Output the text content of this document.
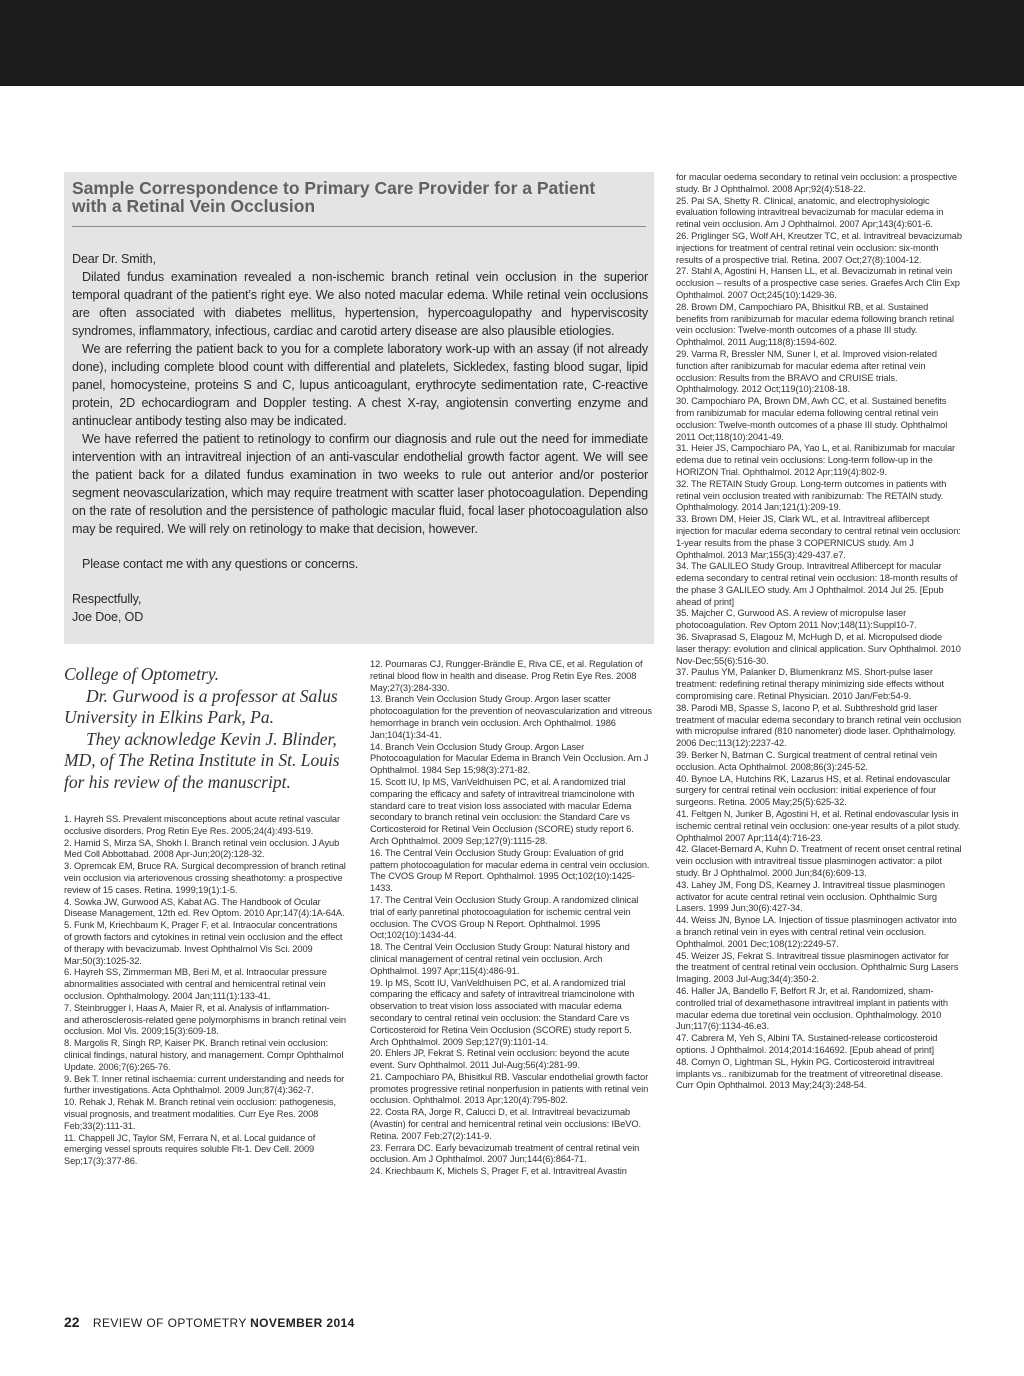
Sample Correspondence to Primary Care Provider for a Patient with a Retinal Vein Occlusion

Dear Dr. Smith,

Dilated fundus examination revealed a non-ischemic branch retinal vein occlusion in the superior temporal quadrant of the patient’s right eye. We also noted macular edema. While retinal vein occlusions are often associated with diabetes mellitus, hypertension, hypercoagulopathy and hyperviscosity syndromes, inflammatory, infectious, cardiac and carotid artery disease are also plausible etiologies.

We are referring the patient back to you for a complete laboratory work-up with an assay (if not already done), including complete blood count with differential and platelets, Sickledex, fasting blood sugar, lipid panel, homocysteine, proteins S and C, lupus anticoagulant, erythrocyte sedimentation rate, C-reactive protein, 2D echocardiogram and Doppler testing. A chest X-ray, angiotensin converting enzyme and antinuclear antibody testing also may be indicated.

We have referred the patient to retinology to confirm our diagnosis and rule out the need for immediate intervention with an intravitreal injection of an anti-vascular endothelial growth factor agent. We will see the patient back for a dilated fundus examination in two weeks to rule out anterior and/or posterior segment neovascularization, which may require treatment with scatter laser photocoagulation. Depending on the rate of resolution and the persistence of pathologic macular fluid, focal laser photocoagulation also may be required. We will rely on retinology to make that decision, however.

Please contact me with any questions or concerns.

Respectfully,

Joe Doe, OD

College of Optometry.

Dr. Gurwood is a professor at Salus University in Elkins Park, Pa.

They acknowledge Kevin J. Blinder, MD, of The Retina Institute in St. Louis for his review of the manuscript.

1. Hayreh SS. Prevalent misconceptions about acute retinal vascular occlusive disorders. Prog Retin Eye Res. 2005;24(4):493-519.

2. Hamid S, Mirza SA, Shokh I. Branch retinal vein occlusion. J Ayub Med Coll Abbottabad. 2008 Apr-Jun;20(2):128-32.

3. Opremcak EM, Bruce RA. Surgical decompression of branch retinal vein occlusion via arteriovenous crossing sheathotomy: a prospective review of 15 cases. Retina. 1999;19(1):1-5.

4. Sowka JW, Gurwood AS, Kabat AG. The Handbook of Ocular Disease Management, 12th ed. Rev Optom. 2010 Apr;147(4):1A-64A.

5. Funk M, Kriechbaum K, Prager F, et al. Intraocular concentrations of growth factors and cytokines in retinal vein occlusion and the effect of therapy with bevacizumab. Invest Ophthalmol Vis Sci. 2009 Mar;50(3):1025-32.

6. Hayreh SS, Zimmerman MB, Beri M, et al. Intraocular pressure abnormalities associated with central and hemicentral retinal vein occlusion. Ophthalmology. 2004 Jan;111(1):133-41.

7. Steinbrugger I, Haas A, Maier R, et al. Analysis of inflammation- and atherosclerosis-related gene polymorphisms in branch retinal vein occlusion. Mol Vis. 2009;15(3):609-18.

8. Margolis R, Singh RP, Kaiser PK. Branch retinal vein occlusion: clinical findings, natural history, and management. Compr Ophthalmol Update. 2006;7(6):265-76.

9. Bek T. Inner retinal ischaemia: current understanding and needs for further investigations. Acta Ophthalmol. 2009 Jun;87(4):362-7.

10. Rehak J, Rehak M. Branch retinal vein occlusion: pathogenesis, visual prognosis, and treatment modalities. Curr Eye Res. 2008 Feb;33(2):111-31.

11. Chappell JC, Taylor SM, Ferrara N, et al. Local guidance of emerging vessel sprouts requires soluble Flt-1. Dev Cell. 2009 Sep;17(3):377-86.

12. Pournaras CJ, Rungger-Brändle E, Riva CE, et al. Regulation of retinal blood flow in health and disease. Prog Retin Eye Res. 2008 May;27(3):284-330.

13. Branch Vein Occlusion Study Group. Argon laser scatter photocoagulation for the prevention of neovascularization and vitreous hemorrhage in branch vein occlusion. Arch Ophthalmol. 1986 Jan;104(1):34-41.

14. Branch Vein Occlusion Study Group. Argon Laser Photocoagulation for Macular Edema in Branch Vein Occlusion. Am J Ophthalmol. 1984 Sep 15;98(3):271-82.

15. Scott IU, Ip MS, VanVeldhuisen PC, et al. A randomized trial comparing the efficacy and safety of intravitreal triamcinolone with standard care to treat vision loss associated with macular Edema secondary to branch retinal vein occlusion: the Standard Care vs Corticosteroid for Retinal Vein Occlusion (SCORE) study report 6. Arch Ophthalmol. 2009 Sep;127(9):1115-28.

16. The Central Vein Occlusion Study Group: Evaluation of grid pattern photocoagulation for macular edema in central vein occlusion. The CVOS Group M Report. Ophthalmol. 1995 Oct;102(10):1425-1433.

17. The Central Vein Occlusion Study Group. A randomized clinical trial of early panretinal photocoagulation for ischemic central vein occlusion. The CVOS Group N Report. Ophthalmol. 1995 Oct;102(10):1434-44.

18. The Central Vein Occlusion Study Group: Natural history and clinical management of central retinal vein occlusion. Arch Ophthalmol. 1997 Apr;115(4):486-91.

19. Ip MS, Scott IU, VanVeldhuisen PC, et al. A randomized trial comparing the efficacy and safety of intravitreal triamcinolone with observation to treat vision loss associated with macular edema secondary to central retinal vein occlusion: the Standard Care vs Corticosteroid for Retina Vein Occlusion (SCORE) study report 5. Arch Ophthalmol. 2009 Sep;127(9):1101-14.

20. Ehlers JP, Fekrat S. Retinal vein occlusion: beyond the acute event. Surv Ophthalmol. 2011 Jul-Aug;56(4):281-99.

21. Campochiaro PA, Bhisitkul RB. Vascular endothelial growth factor promotes progressive retinal nonperfusion in patients with retinal vein occlusion. Ophthalmol. 2013 Apr;120(4):795-802.

22. Costa RA, Jorge R, Calucci D, et al. Intravitreal bevacizumab (Avastin) for central and hemicentral retinal vein occlusions: IBeVO. Retina. 2007 Feb;27(2):141-9.

23. Ferrara DC. Early bevacizumab treatment of central retinal vein occlusion. Am J Ophthalmol. 2007 Jun;144(6):864-71.

24. Kriechbaum K, Michels S, Prager F, et al. Intravitreal Avastin

for macular oedema secondary to retinal vein occlusion: a prospective study. Br J Ophthalmol. 2008 Apr;92(4):518-22.

25. Pai SA, Shetty R. Clinical, anatomic, and electrophysiologic evaluation following intravitreal bevacizumab for macular edema in retinal vein occlusion. Am J Ophthalmol. 2007 Apr;143(4):601-6.

26. Priglinger SG, Wolf AH, Kreutzer TC, et al. Intravitreal bevacizumab injections for treatment of central retinal vein occlusion: six-month results of a prospective trial. Retina. 2007 Oct;27(8):1004-12.

27. Stahl A, Agostini H, Hansen LL, et al. Bevacizumab in retinal vein occlusion – results of a prospective case series. Graefes Arch Clin Exp Ophthalmol. 2007 Oct;245(10):1429-36.

28. Brown DM, Campochiaro PA, Bhisitkul RB, et al. Sustained benefits from ranibizumab for macular edema following branch retinal vein occlusion: Twelve-month outcomes of a phase III study. Ophthalmol. 2011 Aug;118(8):1594-602.

29. Varma R, Bressler NM, Suner I, et al. Improved vision-related function after ranibizumab for macular edema after retinal vein occlusion: Results from the BRAVO and CRUISE trials. Ophthalmology. 2012 Oct;119(10):2108-18.

30. Campochiaro PA, Brown DM, Awh CC, et al. Sustained benefits from ranibizumab for macular edema following central retinal vein occlusion: Twelve-month outcomes of a phase III study. Ophthalmol 2011 Oct;118(10):2041-49.

31. Heier JS, Campochiaro PA, Yao L, et al. Ranibizumab for macular edema due to retinal vein occlusions: Long-term follow-up in the HORIZON Trial. Ophthalmol. 2012 Apr;119(4):802-9.

32. The RETAIN Study Group. Long-term outcomes in patients with retinal vein occlusion treated with ranibizumab: The RETAIN study. Ophthalmology. 2014 Jan;121(1):209-19.

33. Brown DM, Heier JS, Clark WL, et al. Intravitreal aflibercept injection for macular edema secondary to central retinal vein occlusion: 1-year results from the phase 3 COPERNICUS study. Am J Ophthalmol. 2013 Mar;155(3):429-437.e7.

34. The GALILEO Study Group. Intravitreal Aflibercept for macular edema secondary to central retinal vein occlusion: 18-month results of the phase 3 GALILEO study. Am J Ophthalmol. 2014 Jul 25. [Epub ahead of print]

35. Majcher C, Gurwood AS. A review of micropulse laser photocoagulation. Rev Optom 2011 Nov;148(11):Suppl10-7.

36. Sivaprasad S, Elagouz M, McHugh D, et al. Micropulsed diode laser therapy: evolution and clinical application. Surv Ophthalmol. 2010 Nov-Dec;55(6):516-30.

37. Paulus YM, Palanker D, Blumenkranz MS. Short-pulse laser treatment: redefining retinal therapy minimizing side effects without compromising care. Retinal Physician. 2010 Jan/Feb:54-9.

38. Parodi MB, Spasse S, Iacono P, et al. Subthreshold grid laser treatment of macular edema secondary to branch retinal vein occlusion with micropulse infrared (810 nanometer) diode laser. Ophthalmology. 2006 Dec;113(12):2237-42.

39. Berker N, Batman C. Surgical treatment of central retinal vein occlusion. Acta Ophthalmol. 2008;86(3):245-52.

40. Bynoe LA, Hutchins RK, Lazarus HS, et al. Retinal endovascular surgery for central retinal vein occlusion: initial experience of four surgeons. Retina. 2005 May;25(5):625-32.

41. Feltgen N, Junker B, Agostini H, et al. Retinal endovascular lysis in ischemic central retinal vein occlusion: one-year results of a pilot study. Ophthalmol 2007 Apr;114(4):716-23.

42. Glacet-Bernard A, Kuhn D. Treatment of recent onset central retinal vein occlusion with intravitreal tissue plasminogen activator: a pilot study. Br J Ophthalmol. 2000 Jun;84(6):609-13.

43. Lahey JM, Fong DS, Kearney J. Intravitreal tissue plasminogen activator for acute central retinal vein occlusion. Ophthalmic Surg Lasers. 1999 Jun;30(6):427-34.

44. Weiss JN, Bynoe LA. Injection of tissue plasminogen activator into a branch retinal vein in eyes with central retinal vein occlusion. Ophthalmol. 2001 Dec;108(12):2249-57.

45. Weizer JS, Fekrat S. Intravitreal tissue plasminogen activator for the treatment of central retinal vein occlusion. Ophthalmic Surg Lasers Imaging. 2003 Jul-Aug;34(4):350-2.

46. Haller JA, Bandello F, Belfort R Jr, et al. Randomized, sham-controlled trial of dexamethasone intravitreal implant in patients with macular edema due toretinal vein occlusion. Ophthalmology. 2010 Jun;117(6):1134-46.e3.

47. Cabrera M, Yeh S, Albini TA. Sustained-release corticosteroid options. J Ophthalmol. 2014;2014:164692. [Epub ahead of print]

48. Comyn O, Lightman SL, Hykin PG. Corticosteroid intravitreal implants vs.. ranibizumab for the treatment of vitreoretinal disease. Curr Opin Ophthalmol. 2013 May;24(3):248-54.

22 REVIEW OF OPTOMETRY NOVEMBER 2014
